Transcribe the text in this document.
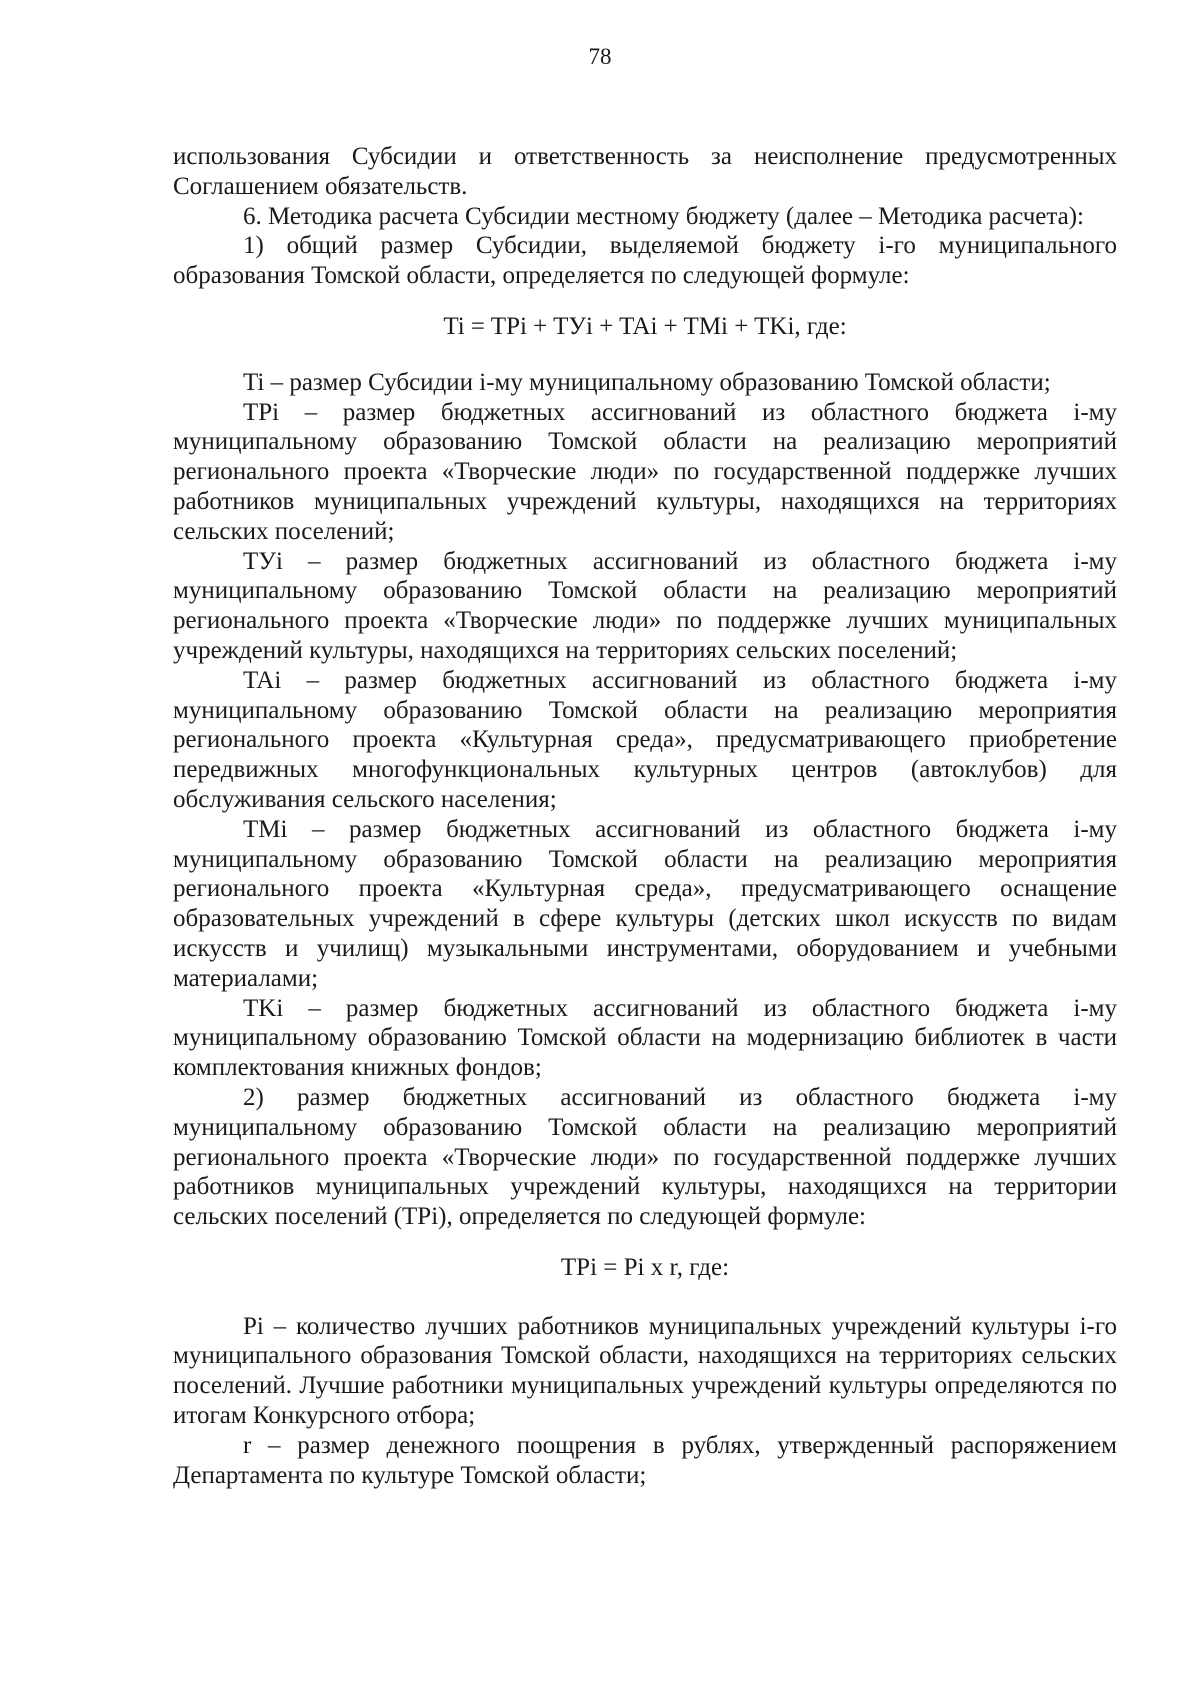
78

использования Субсидии и ответственность за неисполнение предусмотренных Соглашением обязательств.

6. Методика расчета Субсидии местному бюджету (далее – Методика расчета):

1) общий размер Субсидии, выделяемой бюджету i-го муниципального образования Томской области, определяется по следующей формуле:

Ti = TPi + TУi + TAi + TMi + TKi, где:

Ti – размер Субсидии i-му муниципальному образованию Томской области;

TPi – размер бюджетных ассигнований из областного бюджета i-му муниципальному образованию Томской области на реализацию мероприятий регионального проекта «Творческие люди» по государственной поддержке лучших работников муниципальных учреждений культуры, находящихся на территориях сельских поселений;

TУi – размер бюджетных ассигнований из областного бюджета i-му муниципальному образованию Томской области на реализацию мероприятий регионального проекта «Творческие люди» по поддержке лучших муниципальных учреждений культуры, находящихся на территориях сельских поселений;

TAi – размер бюджетных ассигнований из областного бюджета i-му муниципальному образованию Томской области на реализацию мероприятия регионального проекта «Культурная среда», предусматривающего приобретение передвижных многофункциональных культурных центров (автоклубов) для обслуживания сельского населения;

TMi – размер бюджетных ассигнований из областного бюджета i-му муниципальному образованию Томской области на реализацию мероприятия регионального проекта «Культурная среда», предусматривающего оснащение образовательных учреждений в сфере культуры (детских школ искусств по видам искусств и училищ) музыкальными инструментами, оборудованием и учебными материалами;

TKi – размер бюджетных ассигнований из областного бюджета i-му муниципальному образованию Томской области на модернизацию библиотек в части комплектования книжных фондов;

2) размер бюджетных ассигнований из областного бюджета i-му муниципальному образованию Томской области на реализацию мероприятий регионального проекта «Творческие люди» по государственной поддержке лучших работников муниципальных учреждений культуры, находящихся на территории сельских поселений (TPi), определяется по следующей формуле:

TPi = Pi x r, где:

Pi – количество лучших работников муниципальных учреждений культуры i-го муниципального образования Томской области, находящихся на территориях сельских поселений. Лучшие работники муниципальных учреждений культуры определяются по итогам Конкурсного отбора;

r – размер денежного поощрения в рублях, утвержденный распоряжением Департамента по культуре Томской области;
